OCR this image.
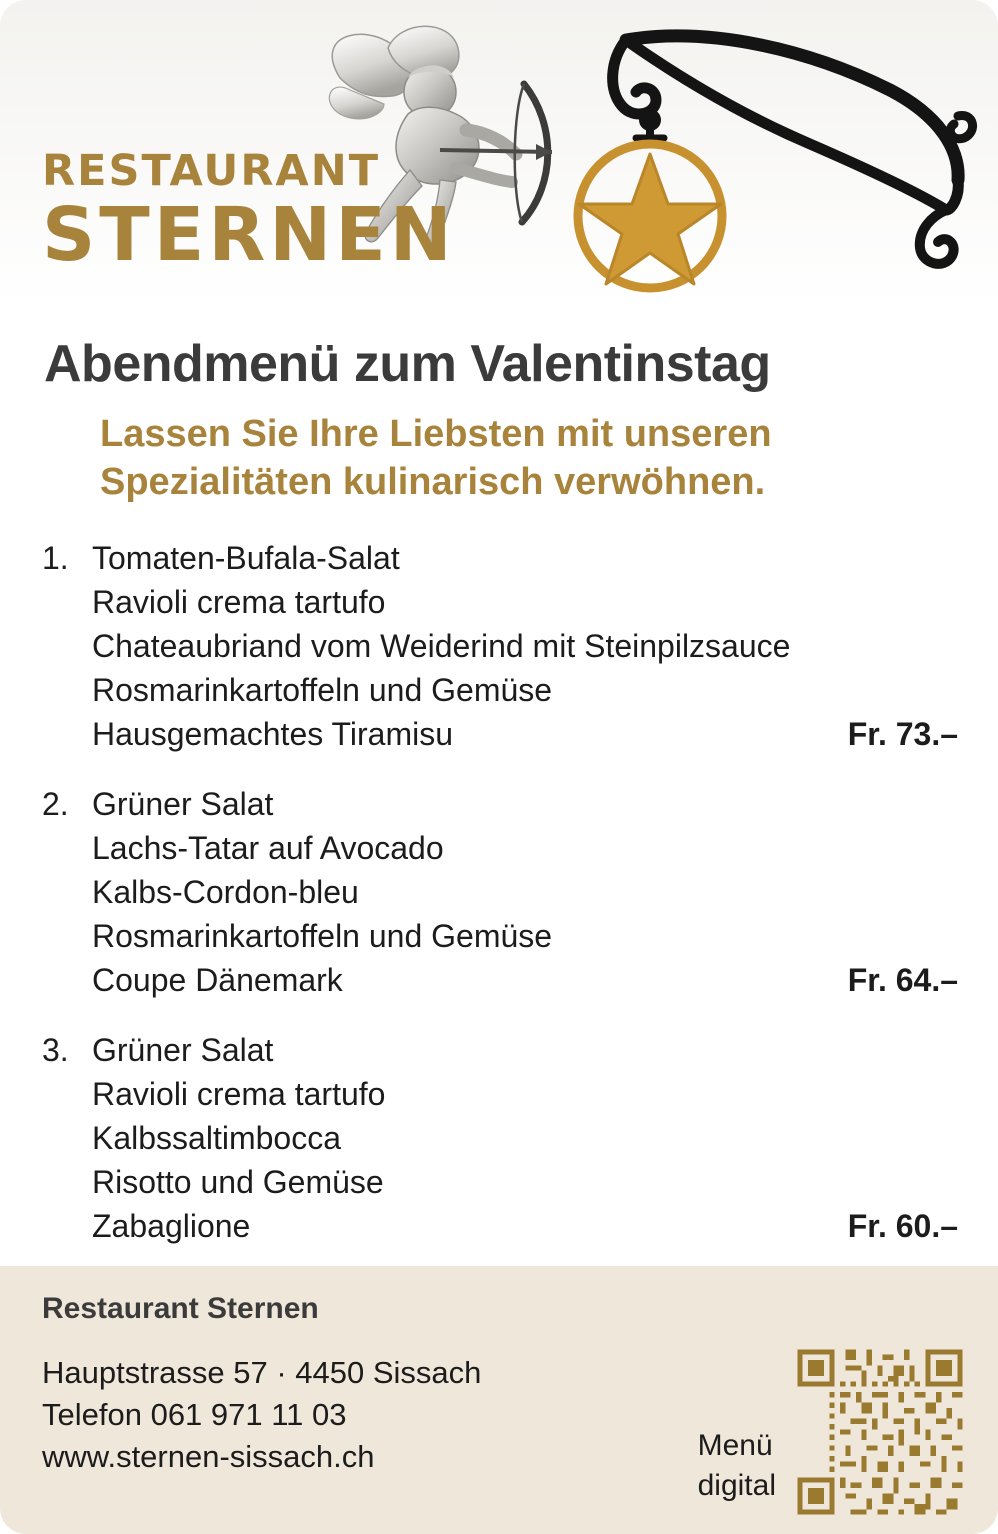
RESTAURANT
STERNEN
Abendmenü zum Valentinstag
Lassen Sie Ihre Liebsten mit unseren Spezialitäten kulinarisch verwöhnen.
1. Tomaten-Bufala-Salat
Ravioli crema tartufo
Chateaubriand vom Weiderind mit Steinpilzsauce
Rosmarinkartoffeln und Gemüse
Hausgemachtes Tiramisu	Fr. 73.–
2. Grüner Salat
Lachs-Tatar auf Avocado
Kalbs-Cordon-bleu
Rosmarinkartoffeln und Gemüse
Coupe Dänemark	Fr. 64.–
3. Grüner Salat
Ravioli crema tartufo
Kalbssaltimbocca
Risotto und Gemüse
Zabaglione	Fr. 60.–
Restaurant Sternen
Hauptstrasse 57 · 4450 Sissach
Telefon 061 971 11 03
www.sternen-sissach.ch	Menü
digital
